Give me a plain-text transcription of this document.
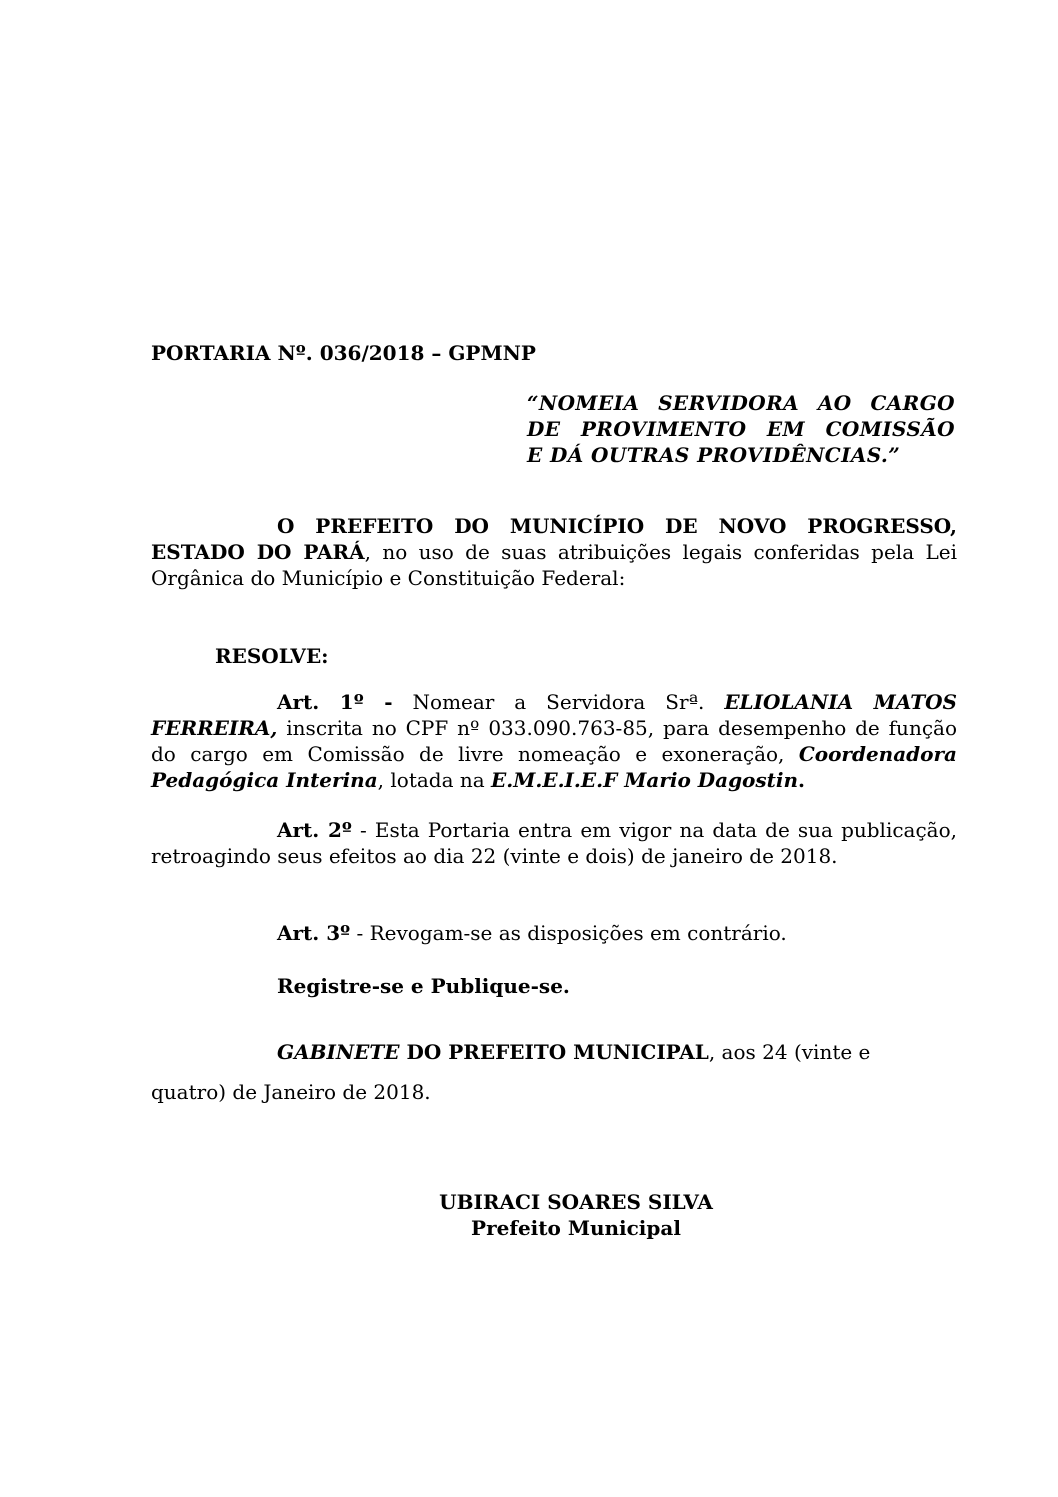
PORTARIA Nº. 036/2018 – GPMNP
“NOMEIA SERVIDORA AO CARGO
DE PROVIMENTO EM COMISSÃO
E DÁ OUTRAS PROVIDÊNCIAS.”
O PREFEITO DO MUNICÍPIO DE NOVO PROGRESSO, ESTADO DO PARÁ, no uso de suas atribuições legais conferidas pela Lei Orgânica do Município e Constituição Federal:
RESOLVE:
Art. 1º - Nomear a Servidora Srª. ELIOLANIA MATOS FERREIRA, inscrita no CPF nº 033.090.763-85, para desempenho de função do cargo em Comissão de livre nomeação e exoneração, Coordenadora Pedagógica Interina, lotada na E.M.E.I.E.F Mario Dagostin.
Art. 2º - Esta Portaria entra em vigor na data de sua publicação, retroagindo seus efeitos ao dia 22 (vinte e dois) de janeiro de 2018.
Art. 3º - Revogam-se as disposições em contrário.
Registre-se e Publique-se.
GABINETE DO PREFEITO MUNICIPAL, aos 24 (vinte e
quatro) de Janeiro de 2018.
UBIRACI SOARES SILVA
Prefeito Municipal
